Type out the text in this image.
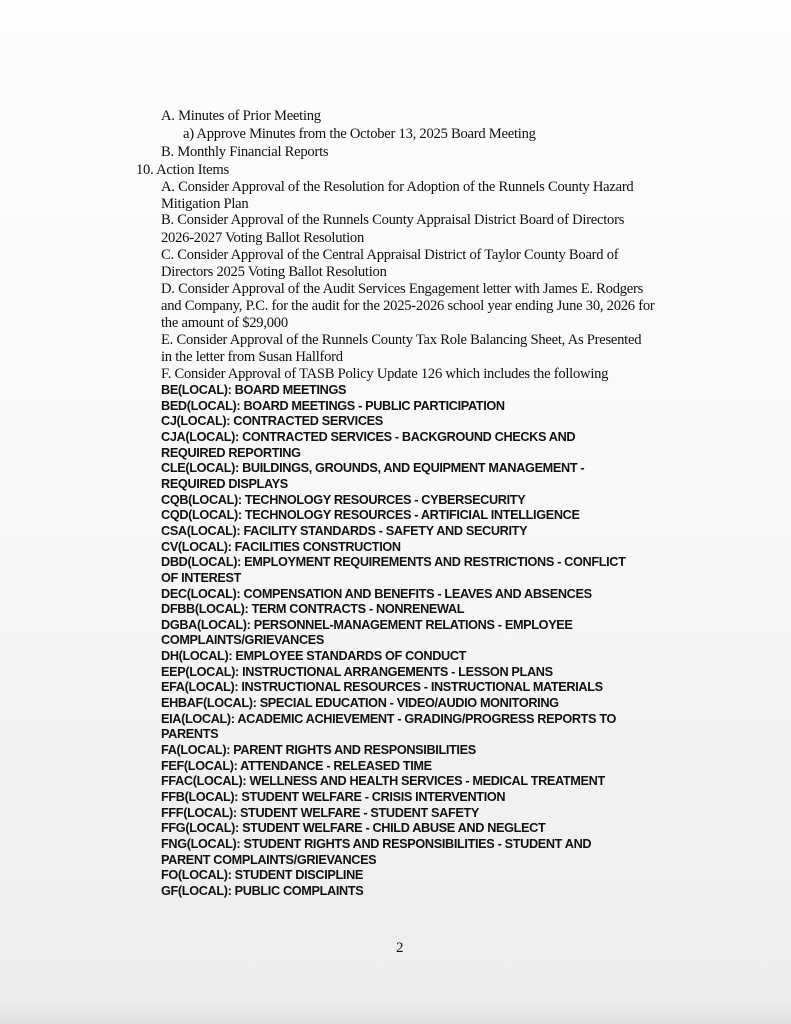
A. Minutes of Prior Meeting
a) Approve Minutes from the October 13, 2025 Board Meeting
B. Monthly Financial Reports
10. Action Items
A. Consider Approval of the Resolution for Adoption of the Runnels County Hazard
Mitigation Plan
B. Consider Approval of the Runnels County Appraisal District Board of Directors
2026-2027 Voting Ballot Resolution
C. Consider Approval of the Central Appraisal District of Taylor County Board of
Directors 2025 Voting Ballot Resolution
D. Consider Approval of the Audit Services Engagement letter with James E. Rodgers
and Company, P.C. for the audit for the 2025-2026 school year ending June 30, 2026 for
the amount of $29,000
E. Consider Approval of the Runnels County Tax Role Balancing Sheet, As Presented
in the letter from Susan Hallford
F. Consider Approval of TASB Policy Update 126 which includes the following
BE(LOCAL): BOARD MEETINGS
BED(LOCAL): BOARD MEETINGS - PUBLIC PARTICIPATION
CJ(LOCAL): CONTRACTED SERVICES
CJA(LOCAL): CONTRACTED SERVICES - BACKGROUND CHECKS AND
REQUIRED REPORTING
CLE(LOCAL): BUILDINGS, GROUNDS, AND EQUIPMENT MANAGEMENT -
REQUIRED DISPLAYS
CQB(LOCAL): TECHNOLOGY RESOURCES - CYBERSECURITY
CQD(LOCAL): TECHNOLOGY RESOURCES - ARTIFICIAL INTELLIGENCE
CSA(LOCAL): FACILITY STANDARDS - SAFETY AND SECURITY
CV(LOCAL): FACILITIES CONSTRUCTION
DBD(LOCAL): EMPLOYMENT REQUIREMENTS AND RESTRICTIONS - CONFLICT
OF INTEREST
DEC(LOCAL): COMPENSATION AND BENEFITS - LEAVES AND ABSENCES
DFBB(LOCAL): TERM CONTRACTS - NONRENEWAL
DGBA(LOCAL): PERSONNEL-MANAGEMENT RELATIONS - EMPLOYEE
COMPLAINTS/GRIEVANCES
DH(LOCAL): EMPLOYEE STANDARDS OF CONDUCT
EEP(LOCAL): INSTRUCTIONAL ARRANGEMENTS - LESSON PLANS
EFA(LOCAL): INSTRUCTIONAL RESOURCES - INSTRUCTIONAL MATERIALS
EHBAF(LOCAL): SPECIAL EDUCATION - VIDEO/AUDIO MONITORING
EIA(LOCAL): ACADEMIC ACHIEVEMENT - GRADING/PROGRESS REPORTS TO
PARENTS
FA(LOCAL): PARENT RIGHTS AND RESPONSIBILITIES
FEF(LOCAL): ATTENDANCE - RELEASED TIME
FFAC(LOCAL): WELLNESS AND HEALTH SERVICES - MEDICAL TREATMENT
FFB(LOCAL): STUDENT WELFARE - CRISIS INTERVENTION
FFF(LOCAL): STUDENT WELFARE - STUDENT SAFETY
FFG(LOCAL): STUDENT WELFARE - CHILD ABUSE AND NEGLECT
FNG(LOCAL): STUDENT RIGHTS AND RESPONSIBILITIES - STUDENT AND
PARENT COMPLAINTS/GRIEVANCES
FO(LOCAL): STUDENT DISCIPLINE
GF(LOCAL): PUBLIC COMPLAINTS
2
